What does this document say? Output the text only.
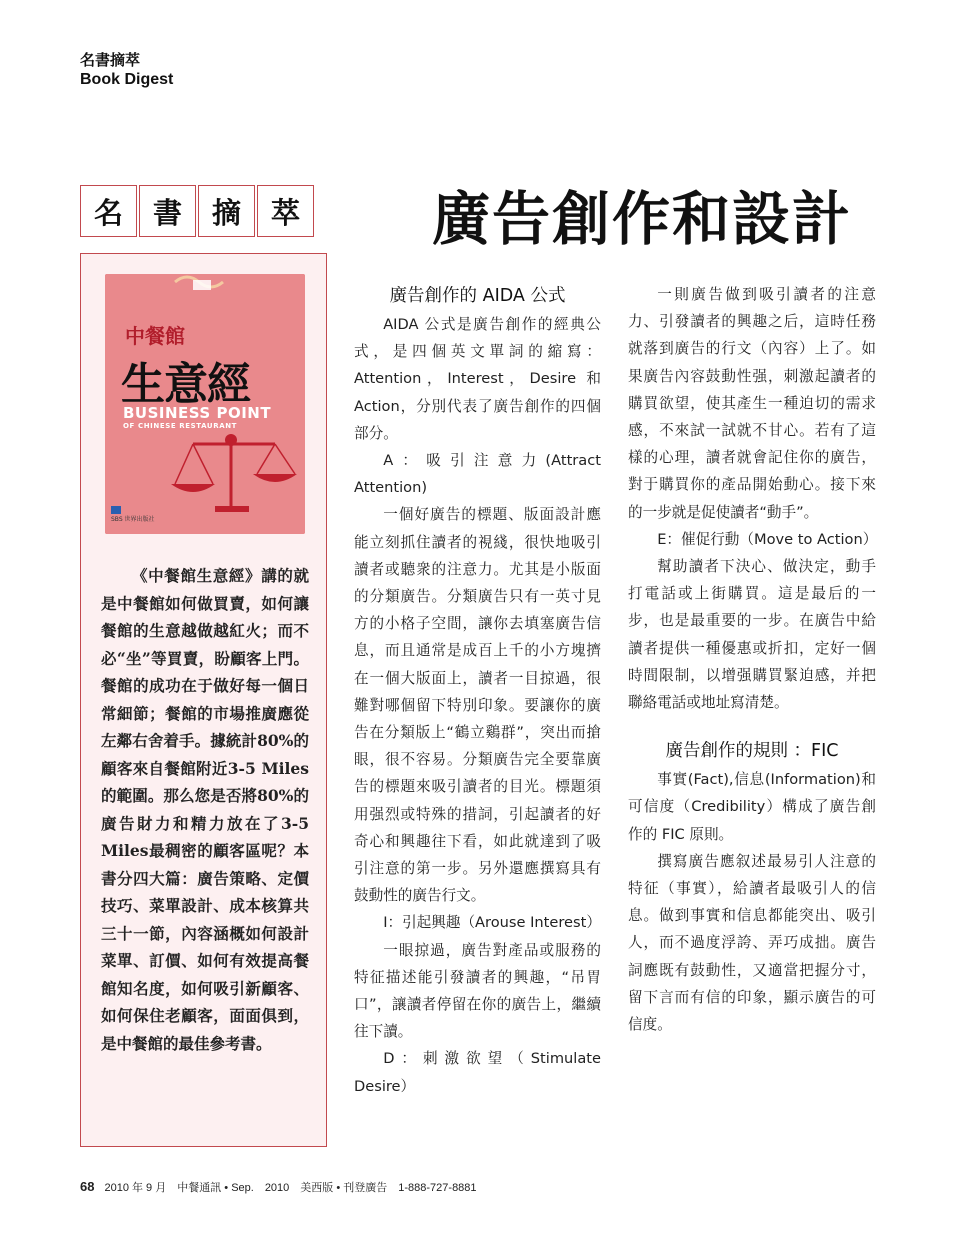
名書摘萃
Book Digest
名	書	摘	萃 廣告創作和設計
中餐館
生意經
BUSINESS POINT
OF CHINESE RESTAURANT
SBS 世界出版社

《中餐館生意經》講的就是中餐館如何做買賣，如何讓餐館的生意越做越紅火；而不必“坐”等買賣，盼顧客上門。餐館的成功在于做好每一個日常細節；餐館的市場推廣應從左鄰右舍着手。據統計80%的顧客來自餐館附近3-5 Miles的範圍。那么您是否將80%的廣告財力和精力放在了3-5 Miles最稠密的顧客區呢？本書分四大篇：廣告策略、定價技巧、菜單設計、成本核算共三十一節，內容涵概如何設計菜單、訂價、如何有效提高餐館知名度，如何吸引新顧客、如何保住老顧客，面面俱到，是中餐館的最佳參考書。

廣告創作的 AIDA 公式

AIDA 公式是廣告創作的經典公式，是四個英文單詞的縮寫：Attention，Interest，Desire 和 Action，分別代表了廣告創作的四個部分。

A：吸引注意力(Attract Attention)

一個好廣告的標題、版面設計應能立刻抓住讀者的視綫，很快地吸引讀者或聽衆的注意力。尤其是小版面的分類廣告。分類廣告只有一英寸見方的小格子空間，讓你去填塞廣告信息，而且通常是成百上千的小方塊擠在一個大版面上，讀者一目掠過，很難對哪個留下特別印象。要讓你的廣告在分類版上“鶴立鷄群”，突出而搶眼，很不容易。分類廣告完全要靠廣告的標題來吸引讀者的目光。標題須用强烈或特殊的措詞，引起讀者的好奇心和興趣往下看，如此就達到了吸引注意的第一步。另外還應撰寫具有鼓動性的廣告行文。

I：引起興趣（Arouse Interest）

一眼掠過，廣告對產品或服務的特征描述能引發讀者的興趣，“吊胃口”，讓讀者停留在你的廣告上，繼續往下讀。

D：刺激欲望（Stimulate Desire）

一則廣告做到吸引讀者的注意力、引發讀者的興趣之后，這時任務就落到廣告的行文（內容）上了。如果廣告內容鼓動性强，刺激起讀者的購買欲望，使其產生一種迫切的需求感，不來試一試就不甘心。若有了這樣的心理，讀者就會記住你的廣告，對于購買你的產品開始動心。接下來的一步就是促使讀者“動手”。

E：催促行動（Move to Action）

幫助讀者下決心、做決定，動手打電話或上街購買。這是最后的一步，也是最重要的一步。在廣告中給讀者提供一種優惠或折扣，定好一個時間限制，以增强購買緊迫感，并把聯絡電話或地址寫清楚。

廣告創作的規則 ：FIC

事實(Fact),信息(Information)和可信度（Credibility）構成了廣告創作的 FIC 原則。

撰寫廣告應叙述最易引人注意的特征（事實），給讀者最吸引人的信息。做到事實和信息都能突出、吸引人，而不過度浮誇、弄巧成拙。廣告詞應既有鼓動性，又適當把握分寸，留下言而有信的印象，顯示廣告的可信度。

68 2010 年 9 月　中餐通訊 • Sep.　2010　美西版 • 刊登廣告　1-888-727-8881
